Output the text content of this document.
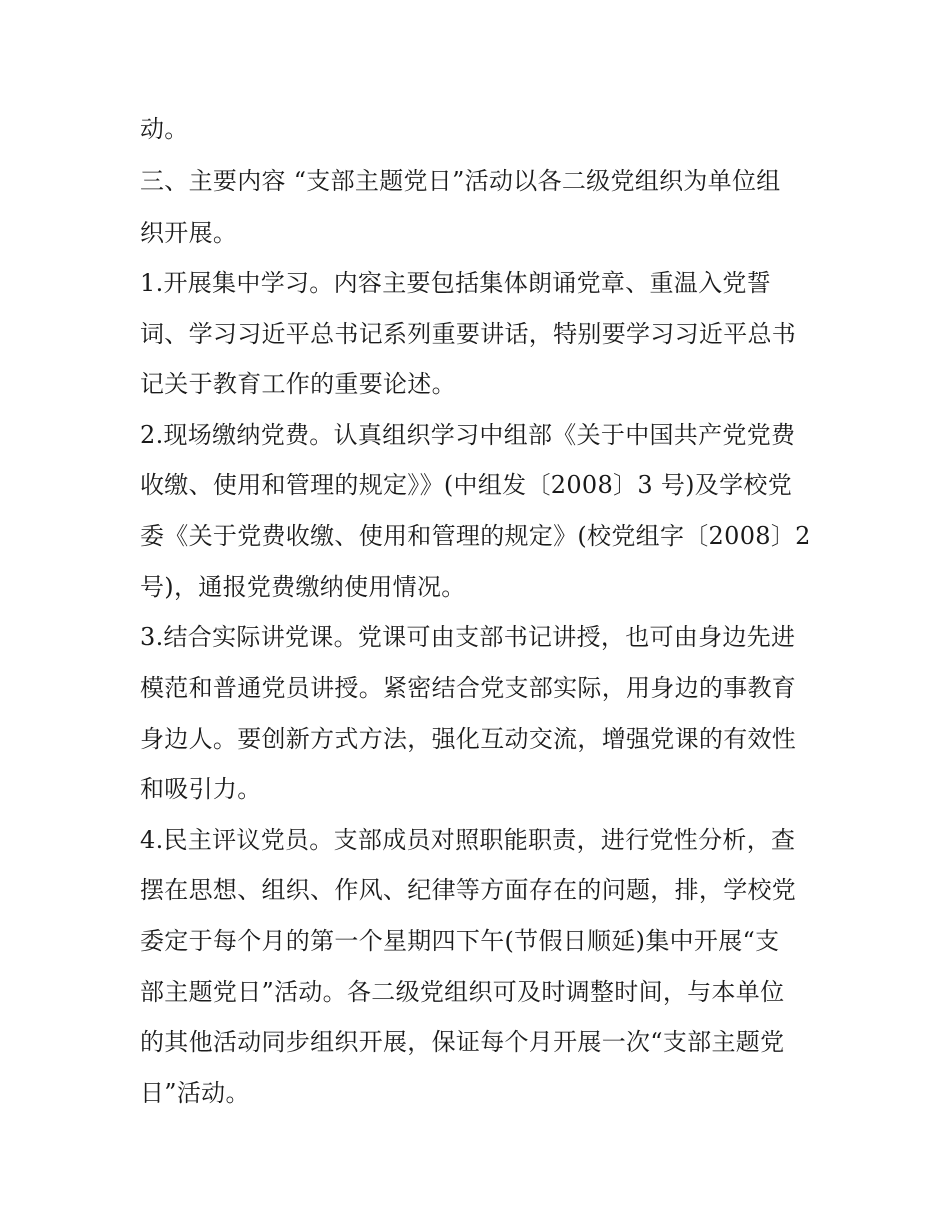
动。
三、主要内容 “支部主题党日”活动以各二级党组织为单位组
织开展。
1.开展集中学习。内容主要包括集体朗诵党章、重温入党誓
词、学习习近平总书记系列重要讲话，特别要学习习近平总书
记关于教育工作的重要论述。
2.现场缴纳党费。认真组织学习中组部《关于中国共产党党费
收缴、使用和管理的规定》》(中组发〔2008〕3 号)及学校党
委《关于党费收缴、使用和管理的规定》(校党组字〔2008〕2
号)，通报党费缴纳使用情况。
3.结合实际讲党课。党课可由支部书记讲授，也可由身边先进
模范和普通党员讲授。紧密结合党支部实际，用身边的事教育
身边人。要创新方式方法，强化互动交流，增强党课的有效性
和吸引力。
4.民主评议党员。支部成员对照职能职责，进行党性分析，查
摆在思想、组织、作风、纪律等方面存在的问题，排，学校党
委定于每个月的第一个星期四下午(节假日顺延)集中开展“支
部主题党日”活动。各二级党组织可及时调整时间，与本单位
的其他活动同步组织开展，保证每个月开展一次“支部主题党
日”活动。
